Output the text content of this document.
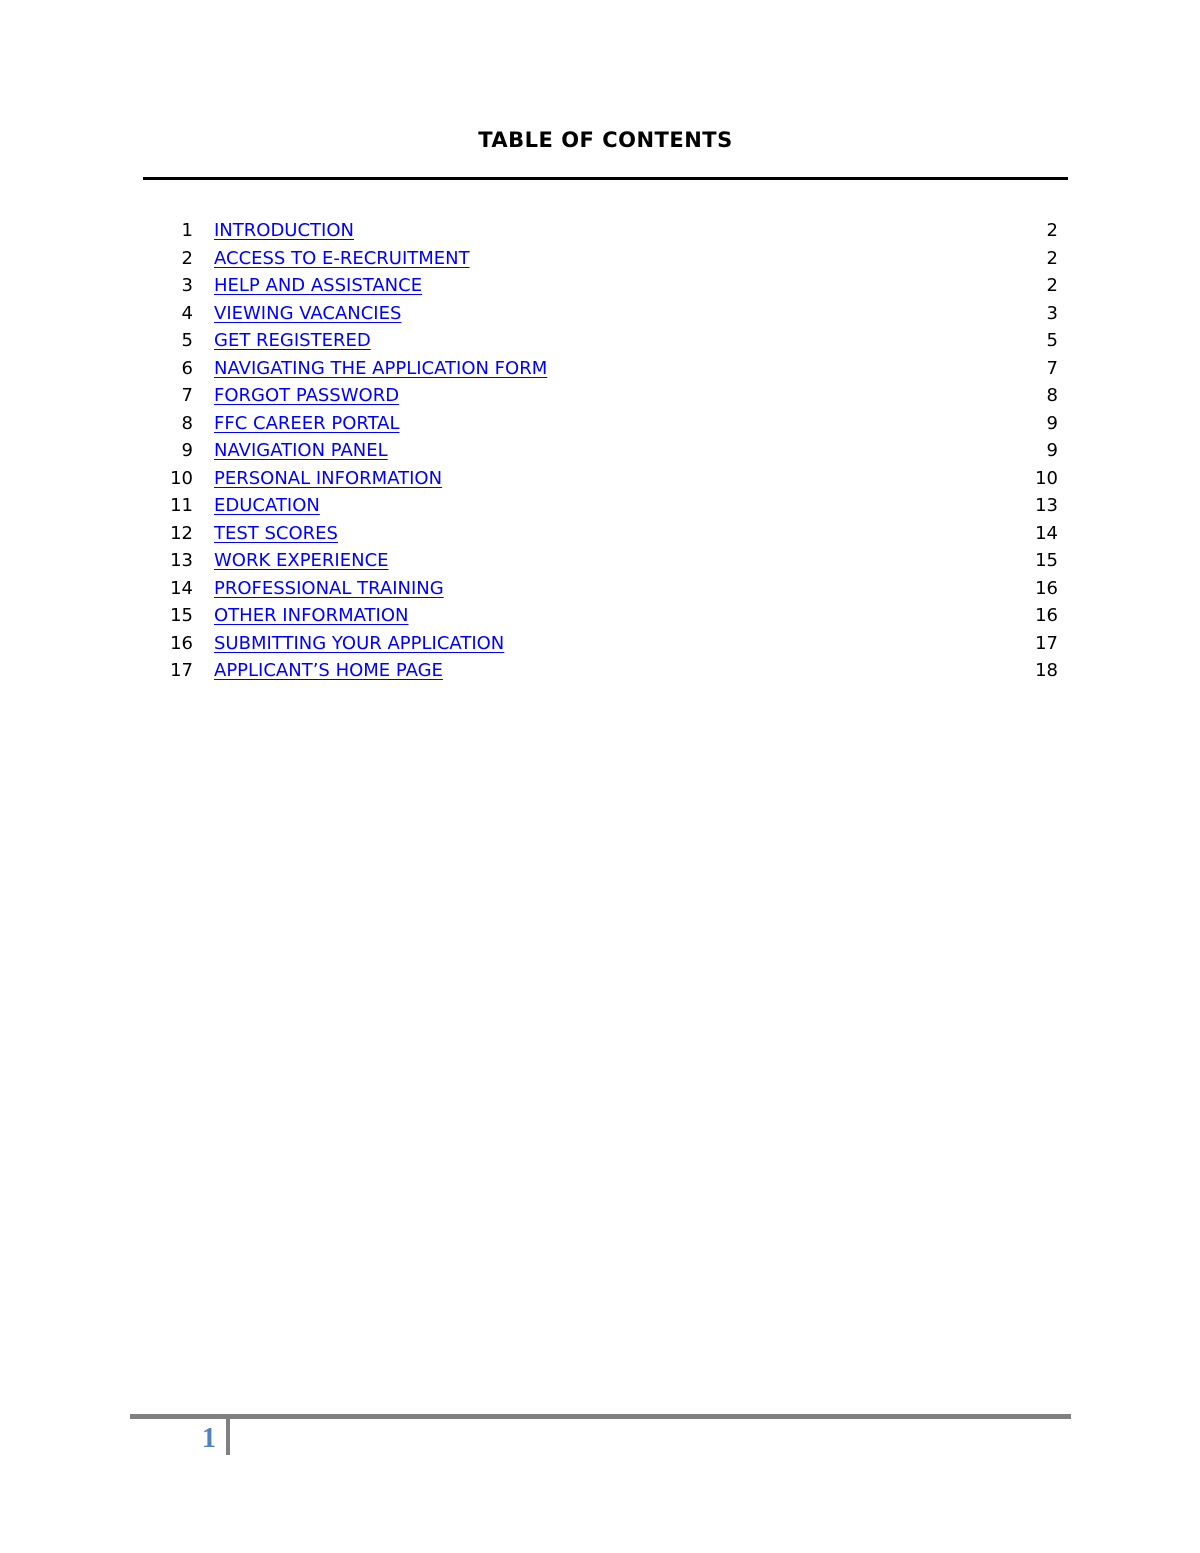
TABLE OF CONTENTS
1 INTRODUCTION	2
2 ACCESS TO E-RECRUITMENT	2
3 HELP AND ASSISTANCE	2
4 VIEWING VACANCIES	3
5 GET REGISTERED	5
6 NAVIGATING THE APPLICATION FORM	7
7 FORGOT PASSWORD	8
8 FFC CAREER PORTAL	9
9 NAVIGATION PANEL	9
10 PERSONAL INFORMATION	10
11 EDUCATION	13
12 TEST SCORES	14
13 WORK EXPERIENCE	15
14 PROFESSIONAL TRAINING	16
15 OTHER INFORMATION	16
16 SUBMITTING YOUR APPLICATION	17
17 APPLICANT’S HOME PAGE	18
1
